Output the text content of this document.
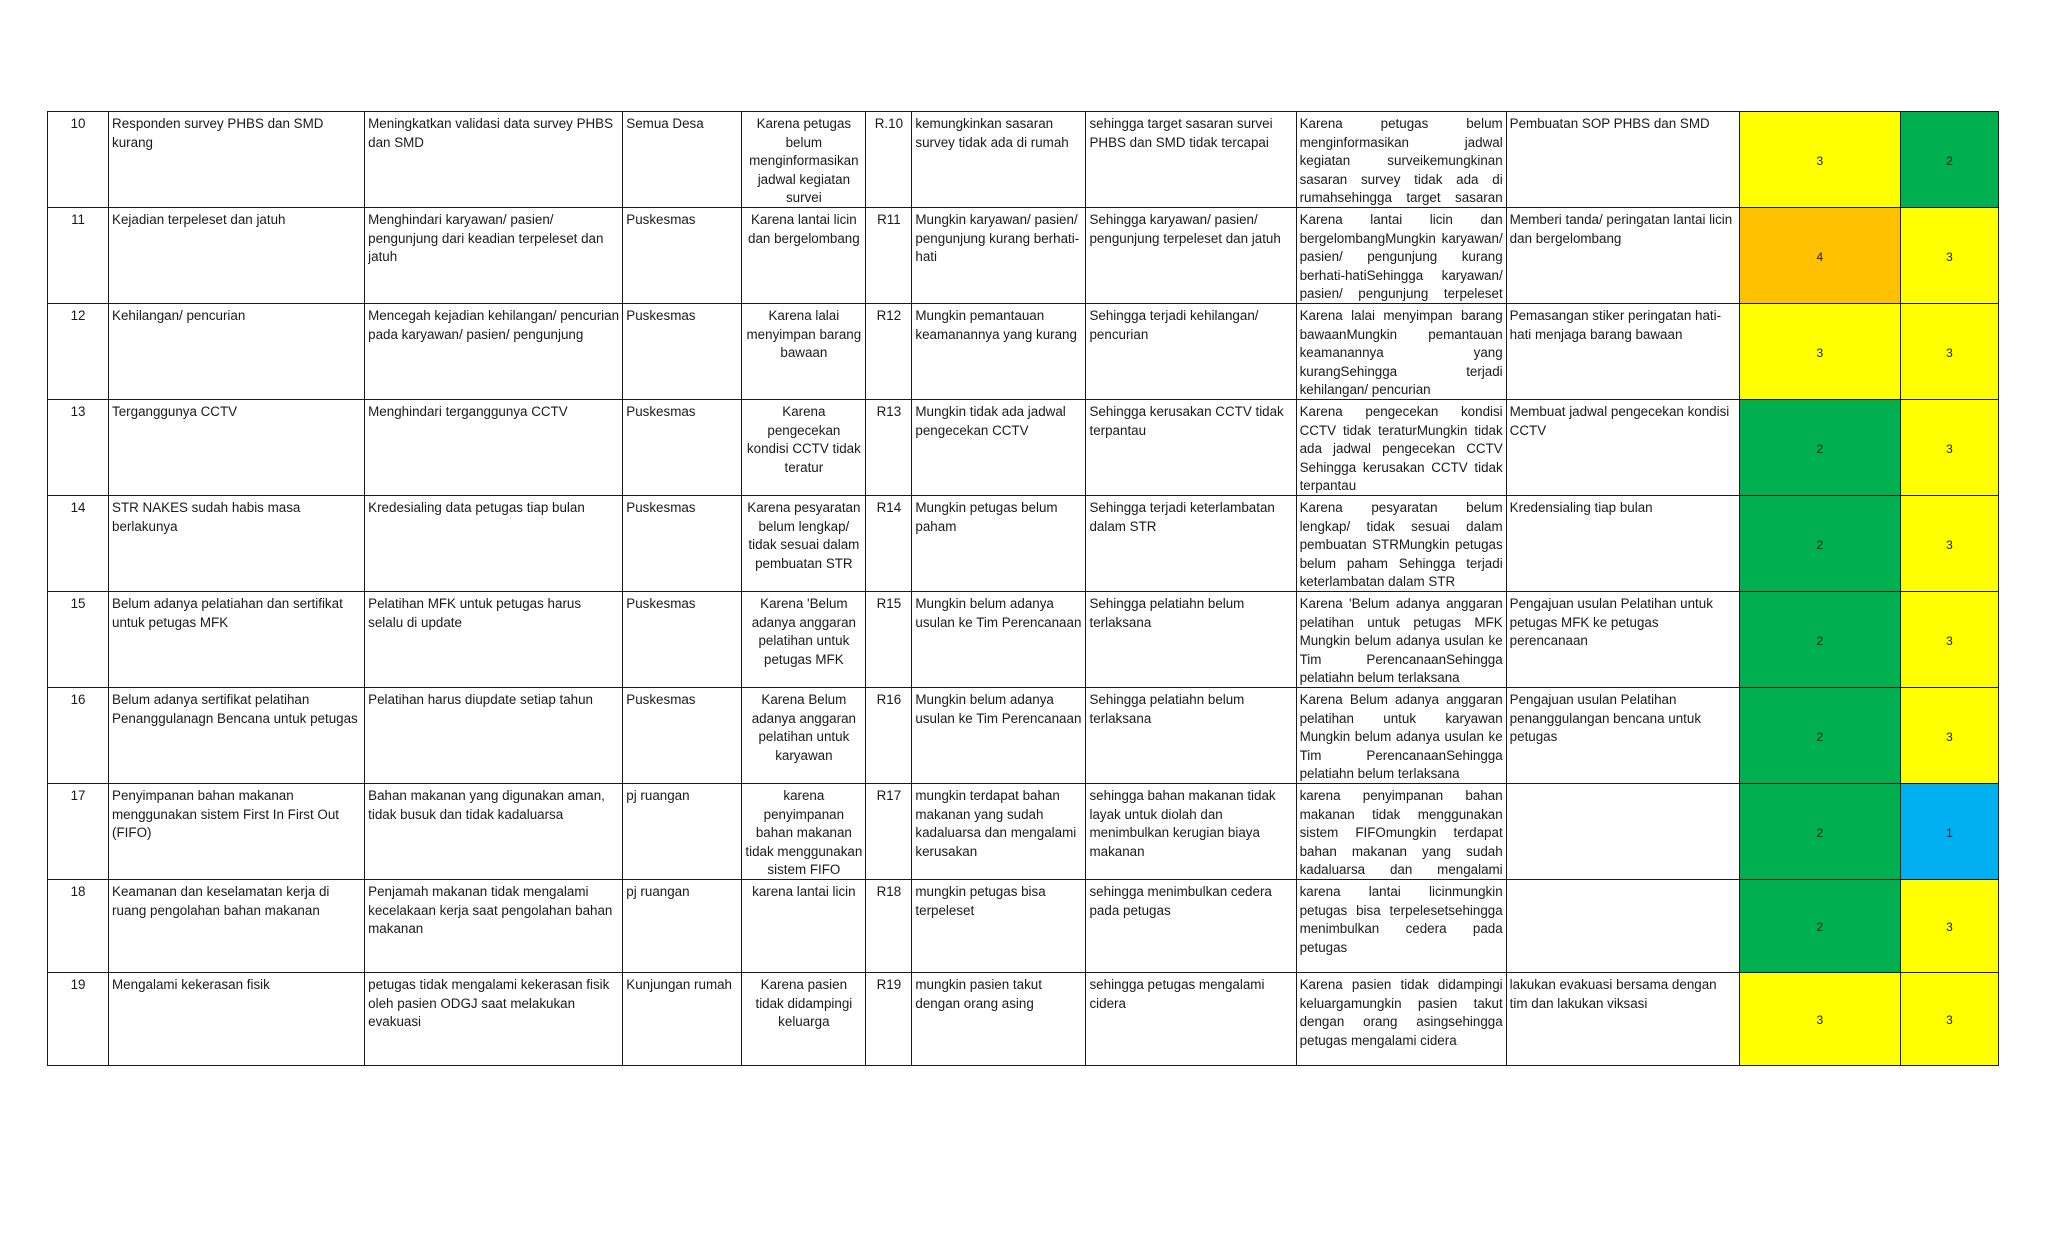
10	Responden survey PHBS dan SMD kurang	Meningkatkan validasi data survey PHBS dan SMD	Semua Desa	Karena petugas belum menginformasikan jadwal kegiatan survei	R.10	kemungkinkan sasaran survey tidak ada di rumah	sehingga target sasaran survei PHBS dan SMD tidak tercapai	Karena petugas belum menginformasikan jadwal kegiatan surveikemungkinan sasaran survey tidak ada di rumahsehingga target sasaran	Pembuatan SOP PHBS dan SMD	3	2

11	Kejadian terpeleset dan jatuh	Menghindari karyawan/ pasien/ pengunjung dari keadian terpeleset dan jatuh	Puskesmas	Karena lantai licin dan bergelombang	R11	Mungkin karyawan/ pasien/ pengunjung kurang berhati-hati	Sehingga karyawan/ pasien/ pengunjung terpeleset dan jatuh	Karena lantai licin dan bergelombangMungkin karyawan/ pasien/ pengunjung kurang berhati-hatiSehingga karyawan/ pasien/ pengunjung terpeleset	Memberi tanda/ peringatan lantai licin dan bergelombang	4	3

12	Kehilangan/ pencurian	Mencegah kejadian kehilangan/ pencurian pada karyawan/ pasien/ pengunjung	Puskesmas	Karena lalai menyimpan barang bawaan	R12	Mungkin pemantauan keamanannya yang kurang	Sehingga terjadi kehilangan/ pencurian	Karena lalai menyimpan barang bawaanMungkin pemantauan keamanannya yang kurangSehingga terjadi kehilangan/ pencurian	Pemasangan stiker peringatan hati-hati menjaga barang bawaan	3	3

13	Terganggunya CCTV	Menghindari terganggunya CCTV	Puskesmas	Karena pengecekan kondisi CCTV tidak teratur	R13	Mungkin tidak ada jadwal pengecekan CCTV	Sehingga kerusakan CCTV tidak terpantau	Karena pengecekan kondisi CCTV tidak teraturMungkin tidak ada jadwal pengecekan CCTV Sehingga kerusakan CCTV tidak terpantau	Membuat jadwal pengecekan kondisi CCTV	2	3

14	STR NAKES sudah habis masa berlakunya	Kredesialing data petugas tiap bulan	Puskesmas	Karena pesyaratan belum lengkap/ tidak sesuai dalam pembuatan STR	R14	Mungkin petugas belum paham	Sehingga terjadi keterlambatan dalam STR	Karena pesyaratan belum lengkap/ tidak sesuai dalam pembuatan STRMungkin petugas belum paham Sehingga terjadi keterlambatan dalam STR	Kredensialing tiap bulan	2	3

15	Belum adanya pelatiahan dan sertifikat untuk petugas MFK	Pelatihan MFK untuk petugas harus selalu di update	Puskesmas	Karena 'Belum adanya anggaran pelatihan untuk petugas MFK	R15	Mungkin belum adanya usulan ke Tim Perencanaan	Sehingga pelatiahn belum terlaksana	Karena 'Belum adanya anggaran pelatihan untuk petugas MFK Mungkin belum adanya usulan ke Tim PerencanaanSehingga pelatiahn belum terlaksana	Pengajuan usulan Pelatihan untuk petugas MFK ke petugas perencanaan	2	3

16	Belum adanya sertifikat pelatihan Penanggulanagn Bencana untuk petugas	Pelatihan harus diupdate setiap tahun	Puskesmas	Karena Belum adanya anggaran pelatihan untuk karyawan	R16	Mungkin belum adanya usulan ke Tim Perencanaan	Sehingga pelatiahn belum terlaksana	Karena Belum adanya anggaran pelatihan untuk karyawan Mungkin belum adanya usulan ke Tim PerencanaanSehingga pelatiahn belum terlaksana	Pengajuan usulan Pelatihan penanggulangan bencana untuk petugas	2	3

17	Penyimpanan bahan makanan menggunakan sistem First In First Out (FIFO)	Bahan makanan yang digunakan aman, tidak busuk dan tidak kadaluarsa	pj ruangan	karena penyimpanan bahan makanan tidak menggunakan sistem FIFO	R17	mungkin terdapat bahan makanan yang sudah kadaluarsa dan mengalami kerusakan	sehingga bahan makanan tidak layak untuk diolah dan menimbulkan kerugian biaya makanan	karena penyimpanan bahan makanan tidak menggunakan sistem FIFOmungkin terdapat bahan makanan yang sudah kadaluarsa dan mengalami		2	1

18	Keamanan dan keselamatan kerja di ruang pengolahan bahan makanan	Penjamah makanan tidak mengalami kecelakaan kerja saat pengolahan bahan makanan	pj ruangan	karena lantai licin	R18	mungkin petugas bisa terpeleset	sehingga menimbulkan cedera pada petugas	karena lantai licinmungkin petugas bisa terpelesetsehingga menimbulkan cedera pada petugas		2	3

19	Mengalami kekerasan fisik	petugas tidak mengalami kekerasan fisik oleh pasien ODGJ saat melakukan evakuasi	Kunjungan rumah	Karena pasien tidak didampingi keluarga	R19	mungkin pasien takut dengan orang asing	sehingga petugas mengalami cidera	Karena pasien tidak didampingi keluargamungkin pasien takut dengan orang asingsehingga petugas mengalami cidera	lakukan evakuasi bersama dengan tim dan lakukan viksasi	3	3
